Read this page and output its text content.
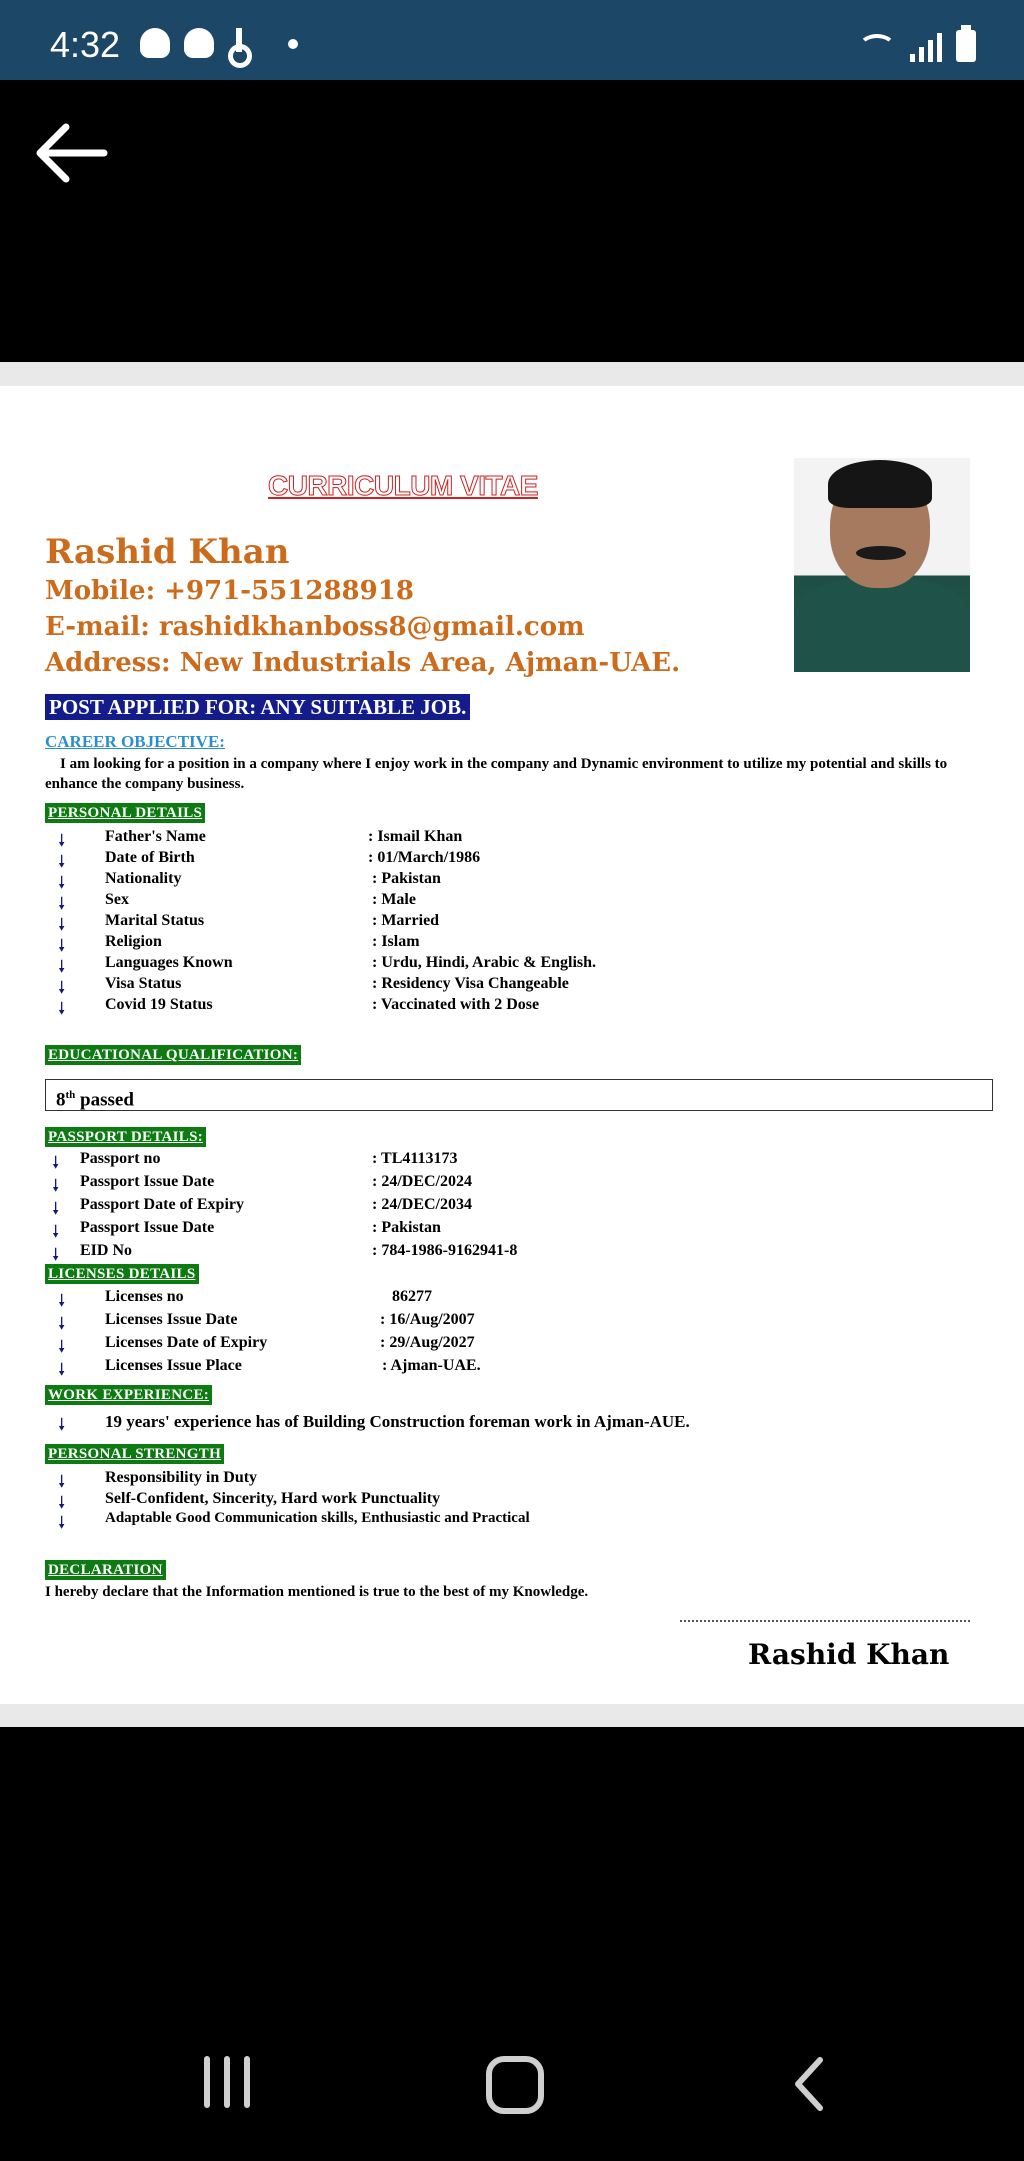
4:32
CURRICULUM VITAE
Rashid Khan
Mobile: +971-551288918
E-mail: rashidkhanboss8@gmail.com
Address: New Industrials Area, Ajman-UAE.
POST APPLIED FOR: ANY SUITABLE JOB.
CAREER OBJECTIVE:
I am looking for a position in a company where I enjoy work in the company and Dynamic environment to utilize my potential and skills to enhance the company business.
PERSONAL DETAILS
🠗 Father's Name	: Ismail Khan
🠗 Date of Birth	: 01/March/1986
🠗 Nationality	: Pakistan
🠗 Sex	: Male
🠗 Marital Status	: Married
🠗 Religion	: Islam
🠗 Languages Known	: Urdu, Hindi, Arabic & English.
🠗 Visa Status	: Residency Visa Changeable
🠗 Covid 19 Status	: Vaccinated with 2 Dose
EDUCATIONAL QUALIFICATION:
8th passed
PASSPORT DETAILS:
🠗 Passport no	: TL4113173
🠗 Passport Issue Date	: 24/DEC/2024
🠗 Passport Date of Expiry	: 24/DEC/2034
🠗 Passport Issue Date	: Pakistan
🠗 EID No	: 784-1986-9162941-8
LICENSES DETAILS
🠗 Licenses no	86277
🠗 Licenses Issue Date	: 16/Aug/2007
🠗 Licenses Date of Expiry	: 29/Aug/2027
🠗 Licenses Issue Place	: Ajman-UAE.
WORK EXPERIENCE:
🠗 19 years' experience has of Building Construction foreman work in Ajman-AUE.
PERSONAL STRENGTH
🠗 Responsibility in Duty
🠗 Self-Confident, Sincerity, Hard work Punctuality
🠗	Adaptable Good Communication skills, Enthusiastic and Practical
DECLARATION
I hereby declare that the Information mentioned is true to the best of my Knowledge.
Rashid Khan
